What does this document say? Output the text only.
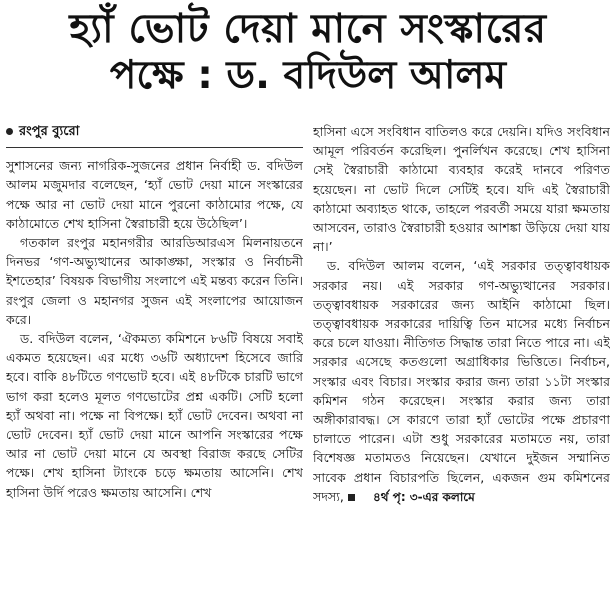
হ্যাঁ ভোট দেয়া মানে সংস্কারের
পক্ষে : ড. বদিউল আলম
রংপুর ব্যুরো

সুশাসনের জন্য নাগরিক-সুজনের প্রধান নির্বাহী ড. বদিউল আলম মজুমদার বলেছেন, ‘হ্যাঁ ভোট দেয়া মানে সংস্কারের পক্ষে আর না ভোট দেয়া মানে পুরনো কাঠামোর পক্ষে, যে কাঠামোতে শেখ হাসিনা স্বৈরাচারী হয়ে উঠেছিল’।

গতকাল রংপুর মহানগরীর আরডিআরএস মিলনায়তনে দিনভর ‘গণ-অভ্যুত্থানের আকাঙ্ক্ষা, সংস্কার ও নির্বাচনী ইশতেহার’ বিষয়ক বিভাগীয় সংলাপে এই মন্তব্য করেন তিনি। রংপুর জেলা ও মহানগর সুজন এই সংলাপের আয়োজন করে।

ড. বদিউল বলেন, ‘ঐকমত্য কমিশনে ৮৬টি বিষয়ে সবাই একমত হয়েছেন। এর মধ্যে ৩৬টি অধ্যাদেশ হিসেবে জারি হবে। বাকি ৪৮টিতে গণভোট হবে। এই ৪৮টিকে চারটি ভাগে ভাগ করা হলেও মূলত গণভোটের প্রশ্ন একটি। সেটি হলো হ্যাঁ অথবা না। পক্ষে না বিপক্ষে। হ্যাঁ ভোট দেবেন। অথবা না ভোট দেবেন। হ্যাঁ ভোট দেয়া মানে আপনি সংস্কারের পক্ষে আর না ভোট দেয়া মানে যে অবস্থা বিরাজ করছে সেটির পক্ষে। শেখ হাসিনা ট্যাংকে চড়ে ক্ষমতায় আসেনি। শেখ হাসিনা উর্দি পরেও ক্ষমতায় আসেনি। শেখ

হাসিনা এসে সংবিধান বাতিলও করে দেয়নি। যদিও সংবিধান আমূল পরিবর্তন করেছিল। পুনর্লিখন করেছে। শেখ হাসিনা সেই স্বৈরাচারী কাঠামো ব্যবহার করেই দানবে পরিণত হয়েছেন। না ভোট দিলে সেটিই হবে। যদি এই স্বৈরাচারী কাঠামো অব্যাহত থাকে, তাহলে পরবর্তী সময়ে যারা ক্ষমতায় আসবেন, তারাও স্বৈরাচারী হওয়ার আশঙ্কা উড়িয়ে দেয়া যায় না।’

ড. বদিউল আলম বলেন, ‘এই সরকার তত্ত্বাবধায়ক সরকার নয়। এই সরকার গণ-অভ্যুত্থানের সরকার। তত্ত্বাবধায়ক সরকারের জন্য আইনি কাঠামো ছিল। তত্ত্বাবধায়ক সরকারের দায়িত্বি তিন মাসের মধ্যে নির্বাচন করে চলে যাওয়া। নীতিগত সিদ্ধান্ত তারা নিতে পারে না। এই সরকার এসেছে কতগুলো অগ্রাধিকার ভিত্তিতে। নির্বাচন, সংস্কার এবং বিচার। সংস্কার করার জন্য তারা ১১টা সংস্কার কমিশন গঠন করেছেন। সংস্কার করার জন্য তারা অঙ্গীকারাবদ্ধ। সে কারণে তারা হ্যাঁ ভোটের পক্ষে প্রচারণা চালাতে পারেন। এটা শুধু সরকারের মতামতে নয়, তারা বিশেষজ্ঞ মতামতও নিয়েছেন। যেখানে দুইজন সম্মানিত সাবেক প্রধান বিচারপতি ছিলেন, একজন গুম কমিশনের সদস্য,	৪র্থ পৃ: ৩-এর কলামে
